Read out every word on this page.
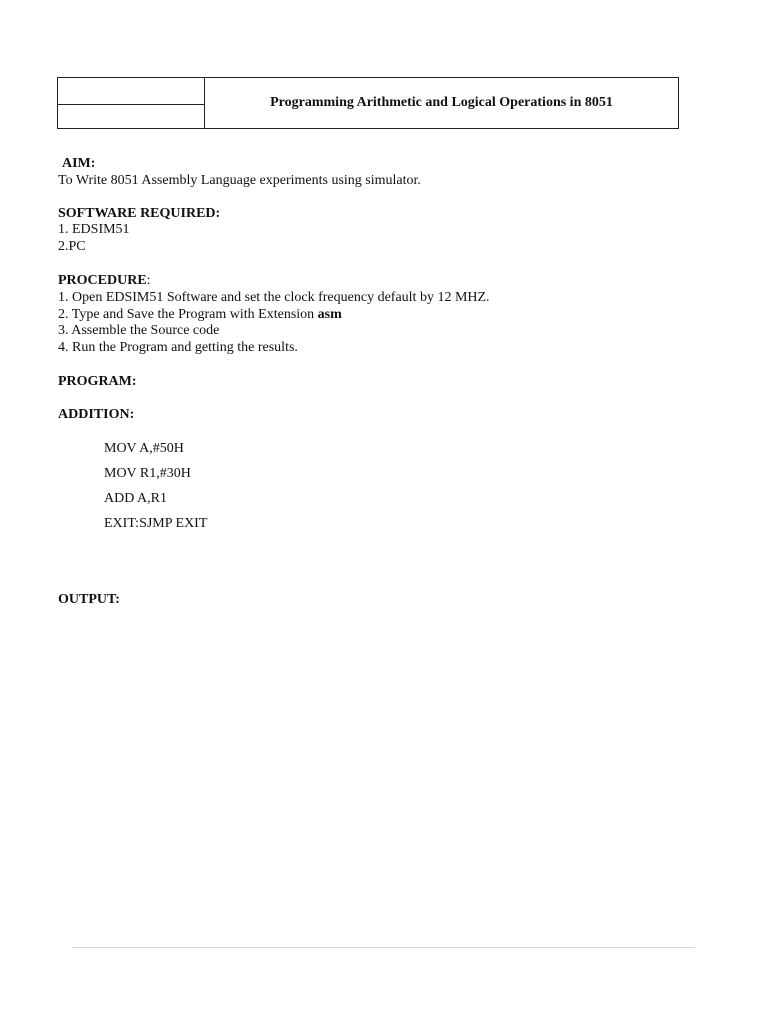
Programming Arithmetic and Logical Operations in 8051
AIM:
To Write 8051 Assembly Language experiments using simulator.
SOFTWARE REQUIRED:
1. EDSIM51
2.PC
PROCEDURE:
1. Open EDSIM51 Software and set the clock frequency default by 12 MHZ.
2. Type and Save the Program with Extension asm
3. Assemble the Source code
4. Run the Program and getting the results.
PROGRAM:
ADDITION:
MOV A,#50H
MOV R1,#30H
ADD A,R1
EXIT:SJMP EXIT
OUTPUT:
